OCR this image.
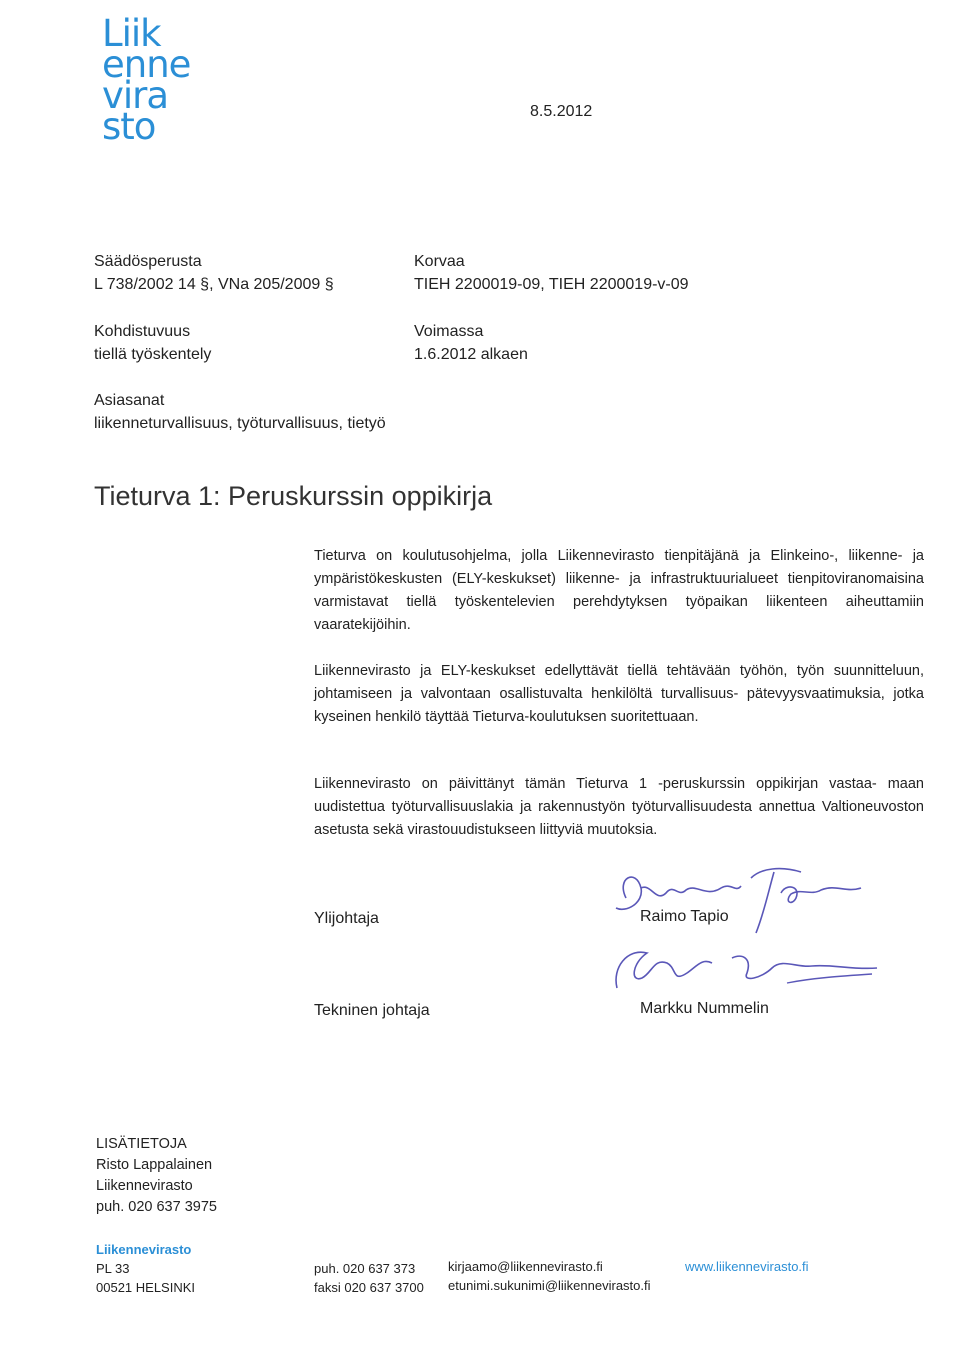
Liik
enne
vira
sto	8.5.2012
Säädösperusta
L 738/2002 14 §, VNa 205/2009 §
Kohdistuvuus
tiellä työskentely
Asiasanat
liikenneturvallisuus, työturvallisuus, tietyö
Korvaa
TIEH 2200019-09, TIEH 2200019-v-09
Voimassa
1.6.2012 alkaen
Tieturva 1: Peruskurssin oppikirja
Tieturva on koulutusohjelma, jolla Liikennevirasto tienpitäjänä ja Elinkeino-, liikenne- ja ympäristökeskusten (ELY-keskukset) liikenne- ja infrastruktuurialueet tienpitoviranomaisina varmistavat tiellä työskentelevien perehdytyksen työpaikan liikenteen aiheuttamiin vaaratekijöihin.
Liikennevirasto ja ELY-keskukset edellyttävät tiellä tehtävään työhön, työn suunnitteluun, johtamiseen ja valvontaan osallistuvalta henkilöltä turvallisuus- pätevyysvaatimuksia, jotka kyseinen henkilö täyttää Tieturva-koulutuksen suoritettuaan.
Liikennevirasto on päivittänyt tämän Tieturva 1 -peruskurssin oppikirjan vastaa- maan uudistettua työturvallisuuslakia ja rakennustyön työturvallisuudesta annettua Valtioneuvoston asetusta sekä virastouudistukseen liittyviä muutoksia.
Ylijohtaja	Raimo Tapio
Tekninen johtaja	Markku Nummelin
LISÄTIETOJA
Risto Lappalainen
Liikennevirasto
puh. 020 637 3975
Liikennevirasto
PL 33
00521 HELSINKI
puh. 020 637 373
faksi 020 637 3700
kirjaamo@liikennevirasto.fi
etunimi.sukunimi@liikennevirasto.fi
www.liikennevirasto.fi
